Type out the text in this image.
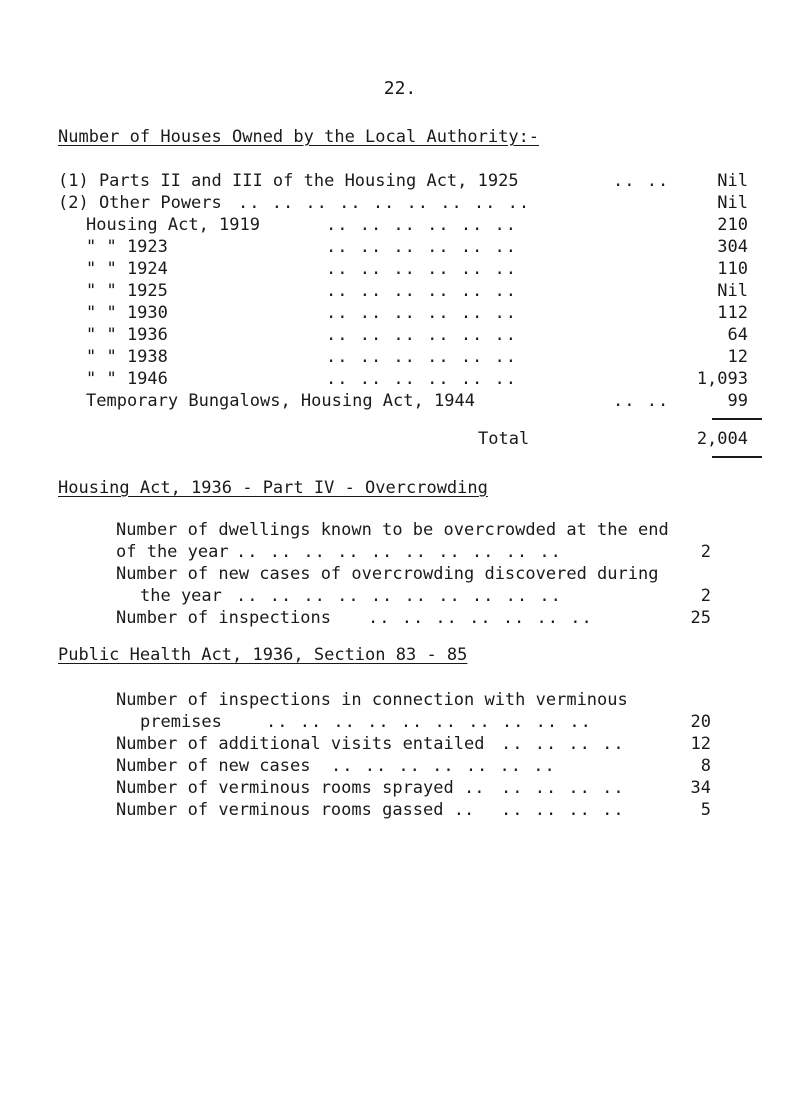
22.
Number of Houses Owned by the Local Authority:-
(1) Parts II and III of the Housing Act, 1925	.. ..	Nil
(2) Other Powers .. .. .. .. .. .. .. .. ..	Nil
Housing Act, 1919	.. .. .. .. .. ..	210
" " 1923	.. .. .. .. .. ..	304
" " 1924	.. .. .. .. .. ..	110
" " 1925	.. .. .. .. .. ..	Nil
" " 1930	.. .. .. .. .. ..	112
" " 1936	.. .. .. .. .. ..	64
" " 1938	.. .. .. .. .. ..	12
" " 1946	.. .. .. .. .. ..	1,093
Temporary Bungalows, Housing Act, 1944	.. ..	99
Total	2,004
Housing Act, 1936 - Part IV - Overcrowding
Number of dwellings known to be overcrowded at the end
of the year .. .. .. .. .. .. .. .. .. ..	2
Number of new cases of overcrowding discovered during
the year .. .. .. .. .. .. .. .. .. ..	2
Number of inspections .. .. .. .. .. .. ..	25
Public Health Act, 1936, Section 83 - 85
Number of inspections in connection with verminous
premises	.. .. .. .. .. .. .. .. .. ..	20
Number of additional visits entailed .. .. .. ..	12
Number of new cases .. .. .. .. .. .. ..	8
Number of verminous rooms sprayed .. .. .. .. ..	34
Number of verminous rooms gassed .. .. .. .. ..	5
